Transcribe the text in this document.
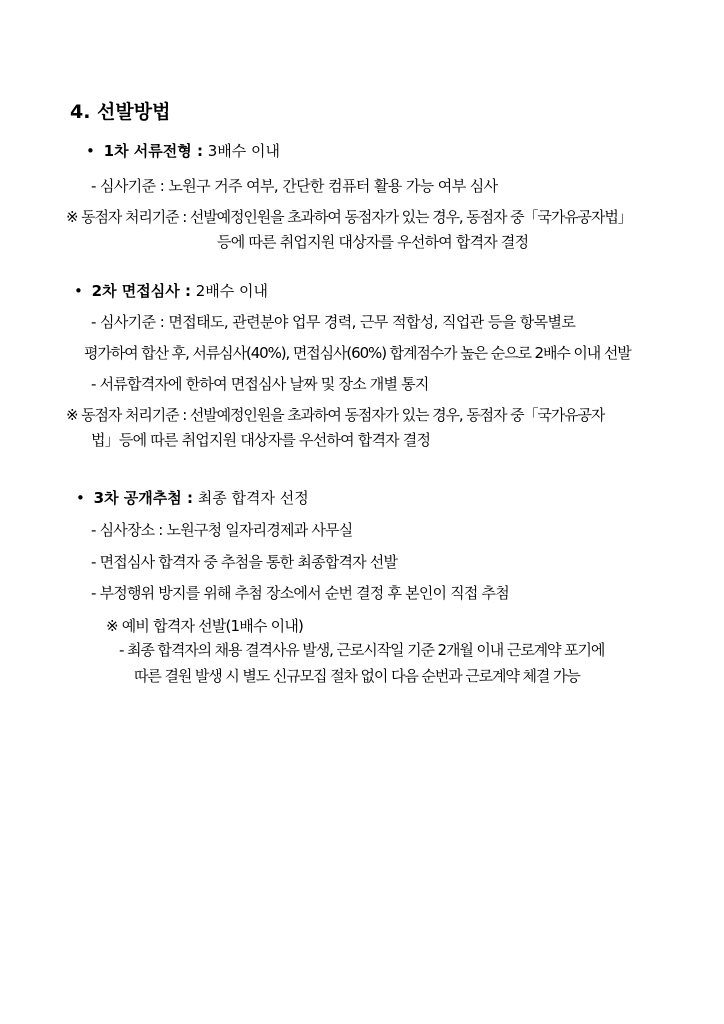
4. 선발방법
• 1차 서류전형 : 3배수 이내
- 심사기준 : 노원구 거주 여부, 간단한 컴퓨터 활용 가능 여부 심사
※ 동점자 처리기준 : 선발예정인원을 초과하여 동점자가 있는 경우, 동점자 중「국가유공자법」
등에 따른 취업지원 대상자를 우선하여 합격자 결정
• 2차 면접심사 : 2배수 이내
- 심사기준 : 면접태도, 관련분야 업무 경력, 근무 적합성, 직업관 등을 항목별로
평가하여 합산 후, 서류심사(40%), 면접심사(60%) 합계점수가 높은 순으로 2배수 이내 선발
- 서류합격자에 한하여 면접심사 날짜 및 장소 개별 통지
※ 동점자 처리기준 : 선발예정인원을 초과하여 동점자가 있는 경우, 동점자 중「국가유공자
법」등에 따른 취업지원 대상자를 우선하여 합격자 결정
• 3차 공개추첨 : 최종 합격자 선정
- 심사장소 : 노원구청 일자리경제과 사무실
- 면접심사 합격자 중 추첨을 통한 최종합격자 선발
- 부정행위 방지를 위해 추첨 장소에서 순번 결정 후 본인이 직접 추첨
※ 예비 합격자 선발(1배수 이내)
- 최종 합격자의 채용 결격사유 발생, 근로시작일 기준 2개월 이내 근로계약 포기에
따른 결원 발생 시 별도 신규모집 절차 없이 다음 순번과 근로계약 체결 가능
